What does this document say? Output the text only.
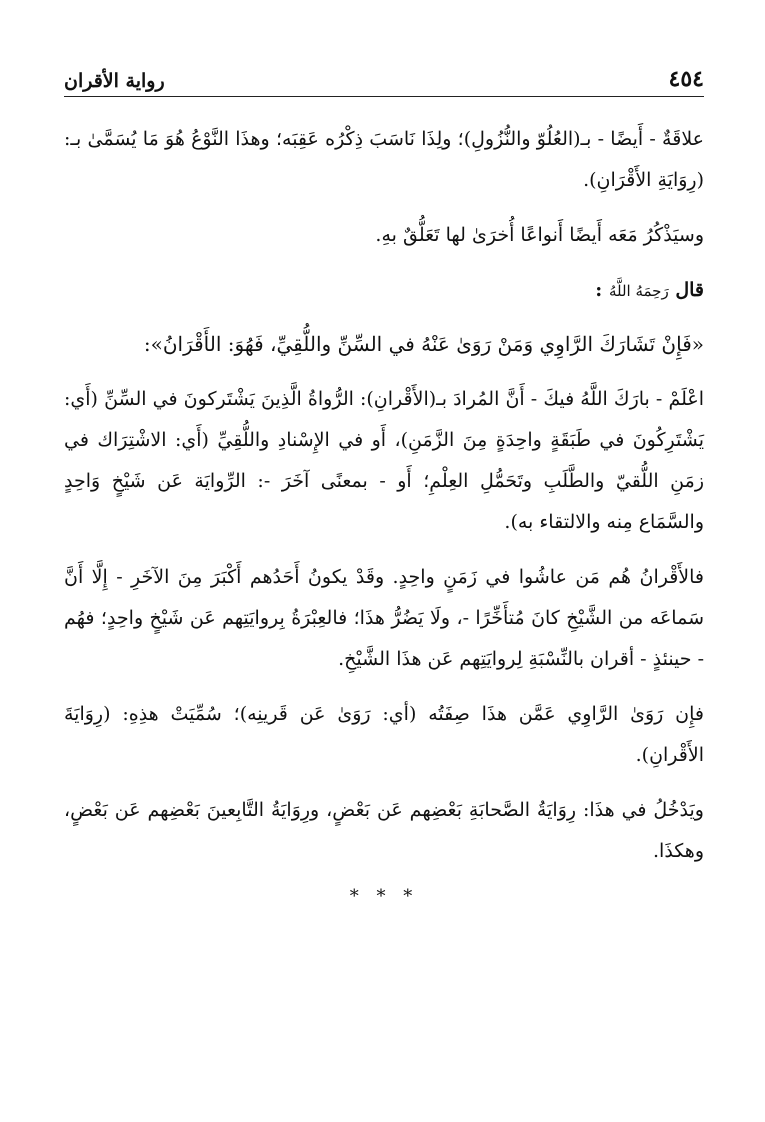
٤٥٤
رواية الأقران

علاقَةٌ - أَيضًا - بـ(العُلُوّ والنُّزُولِ)؛ ولِذَا نَاسَبَ ذِكْرُه عَقِبَه؛ وهذَا النَّوْعُ هُوَ مَا يُسَمَّىٰ بـ: (رِوَايَةِ الأَقْرَانِ).

وسيَذْكُرُ مَعَه أَيضًا أَنواعًا أُخرَىٰ لها تَعَلُّقٌ بهِ.

قال رَحِمَهُ اللَّهُ :

«فَإِنْ تَشَارَكَ الرَّاوِي وَمَنْ رَوَىٰ عَنْهُ في السِّنِّ واللُّقِيِّ، فَهُوَ: الأَقْرَانُ»:

اعْلَمْ - بارَكَ اللَّهُ فيكَ - أَنَّ المُرادَ بـ(الأَقْرانِ): الرُّواةُ الَّذِينَ يَشْتَركونَ في السِّنِّ (أَي: يَشْتَرِكُونَ في طَبَقَةٍ واحِدَةٍ مِنَ الزَّمَنِ)، أَو في الإِسْنادِ واللُّقِيِّ (أَي: الاشْتِرَاك في زمَنِ اللُّقيّ والطَّلَبِ وتَحَمُّلِ العِلْمِ؛ أَو - بمعنًى آخَرَ -: الرِّوايَة عَن شَيْخٍ وَاحِدٍ والسَّمَاع مِنه والالتقاء به).

فالأَقْرانُ هُم مَن عاشُوا في زَمَنٍ واحِدٍ. وقَدْ يكونُ أَحَدُهم أَكْبَرَ مِنَ الآخَرِ - إِلَّا أَنَّ سَماعَه من الشَّيْخِ كانَ مُتأَخِّرًا -، ولَا يَضُرُّ هذَا؛ فالعِبْرَةُ بِروايَتِهم عَن شَيْخٍ واحِدٍ؛ فهُم - حينئذٍ - أقران بالنِّسْبَةِ لِروايَتِهم عَن هذَا الشَّيْخِ.

فإِن رَوَىٰ الرَّاوِي عَمَّن هذَا صِفَتُه (أي: رَوَىٰ عَن قَرينِه)؛ سُمِّيَتْ هذِهِ: (رِوَايَةَ الأَقْرانِ).

ويَدْخُلُ في هذَا: رِوَايَةُ الصَّحابَةِ بَعْضِهم عَن بَعْضٍ، ورِوَايَةُ التَّابِعينَ بَعْضِهم عَن بَعْضٍ، وهكذَا.

* * *
